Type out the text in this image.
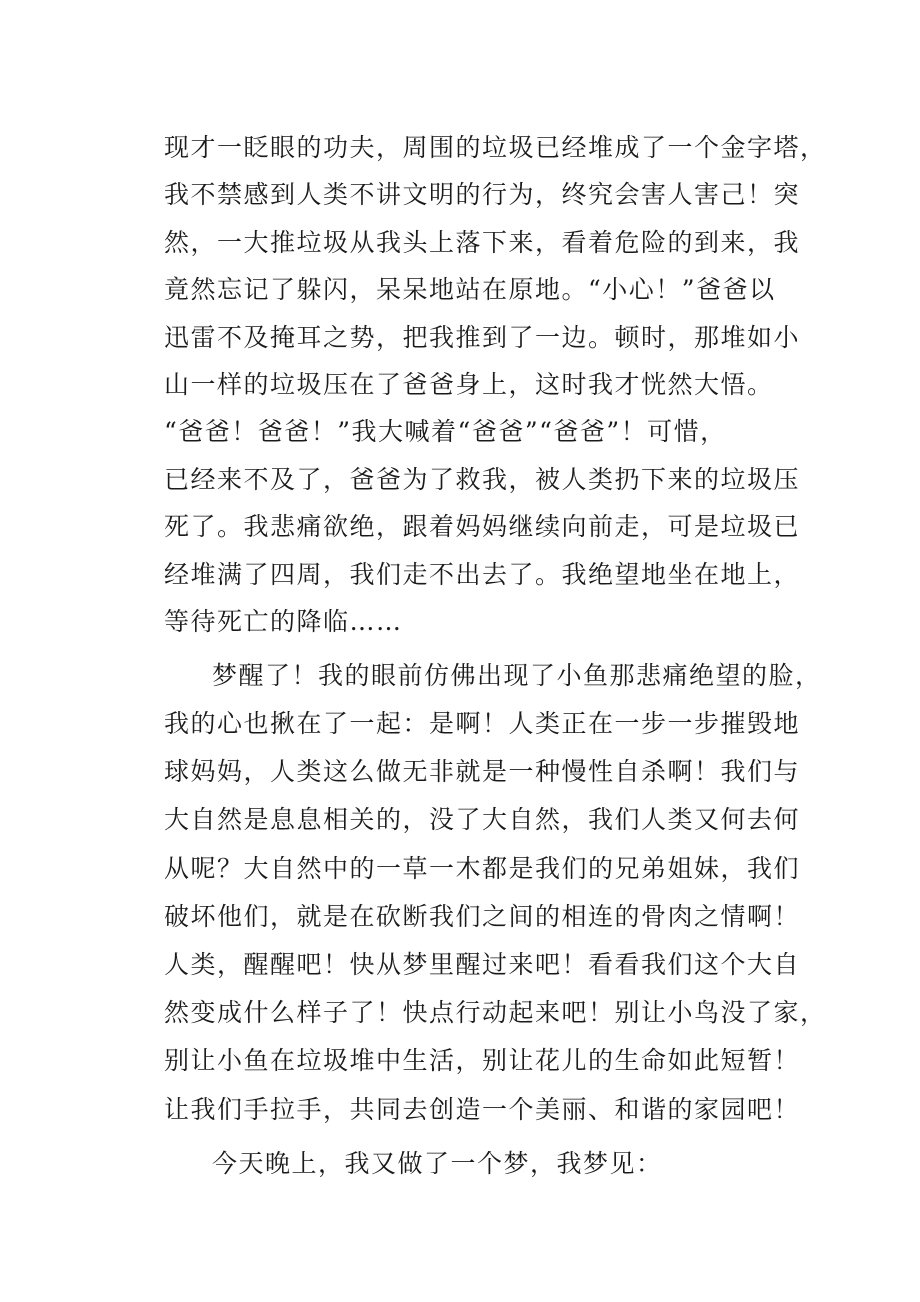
现才一眨眼的功夫，周围的垃圾已经堆成了一个金字塔，
我不禁感到人类不讲文明的行为，终究会害人害己！突
然，一大推垃圾从我头上落下来，看着危险的到来，我
竟然忘记了躲闪，呆呆地站在原地。“小心！”爸爸以
迅雷不及掩耳之势，把我推到了一边。顿时，那堆如小
山一样的垃圾压在了爸爸身上，这时我才恍然大悟。
“爸爸！爸爸！”我大喊着“爸爸”“爸爸”！可惜，
已经来不及了，爸爸为了救我，被人类扔下来的垃圾压
死了。我悲痛欲绝，跟着妈妈继续向前走，可是垃圾已
经堆满了四周，我们走不出去了。我绝望地坐在地上，
等待死亡的降临……
梦醒了！我的眼前仿佛出现了小鱼那悲痛绝望的脸，
我的心也揪在了一起：是啊！人类正在一步一步摧毁地
球妈妈，人类这么做无非就是一种慢性自杀啊！我们与
大自然是息息相关的，没了大自然，我们人类又何去何
从呢？大自然中的一草一木都是我们的兄弟姐妹，我们
破坏他们，就是在砍断我们之间的相连的骨肉之情啊！
人类，醒醒吧！快从梦里醒过来吧！看看我们这个大自
然变成什么样子了！快点行动起来吧！别让小鸟没了家，
别让小鱼在垃圾堆中生活，别让花儿的生命如此短暂！
让我们手拉手，共同去创造一个美丽、和谐的家园吧！
今天晚上，我又做了一个梦，我梦见：
